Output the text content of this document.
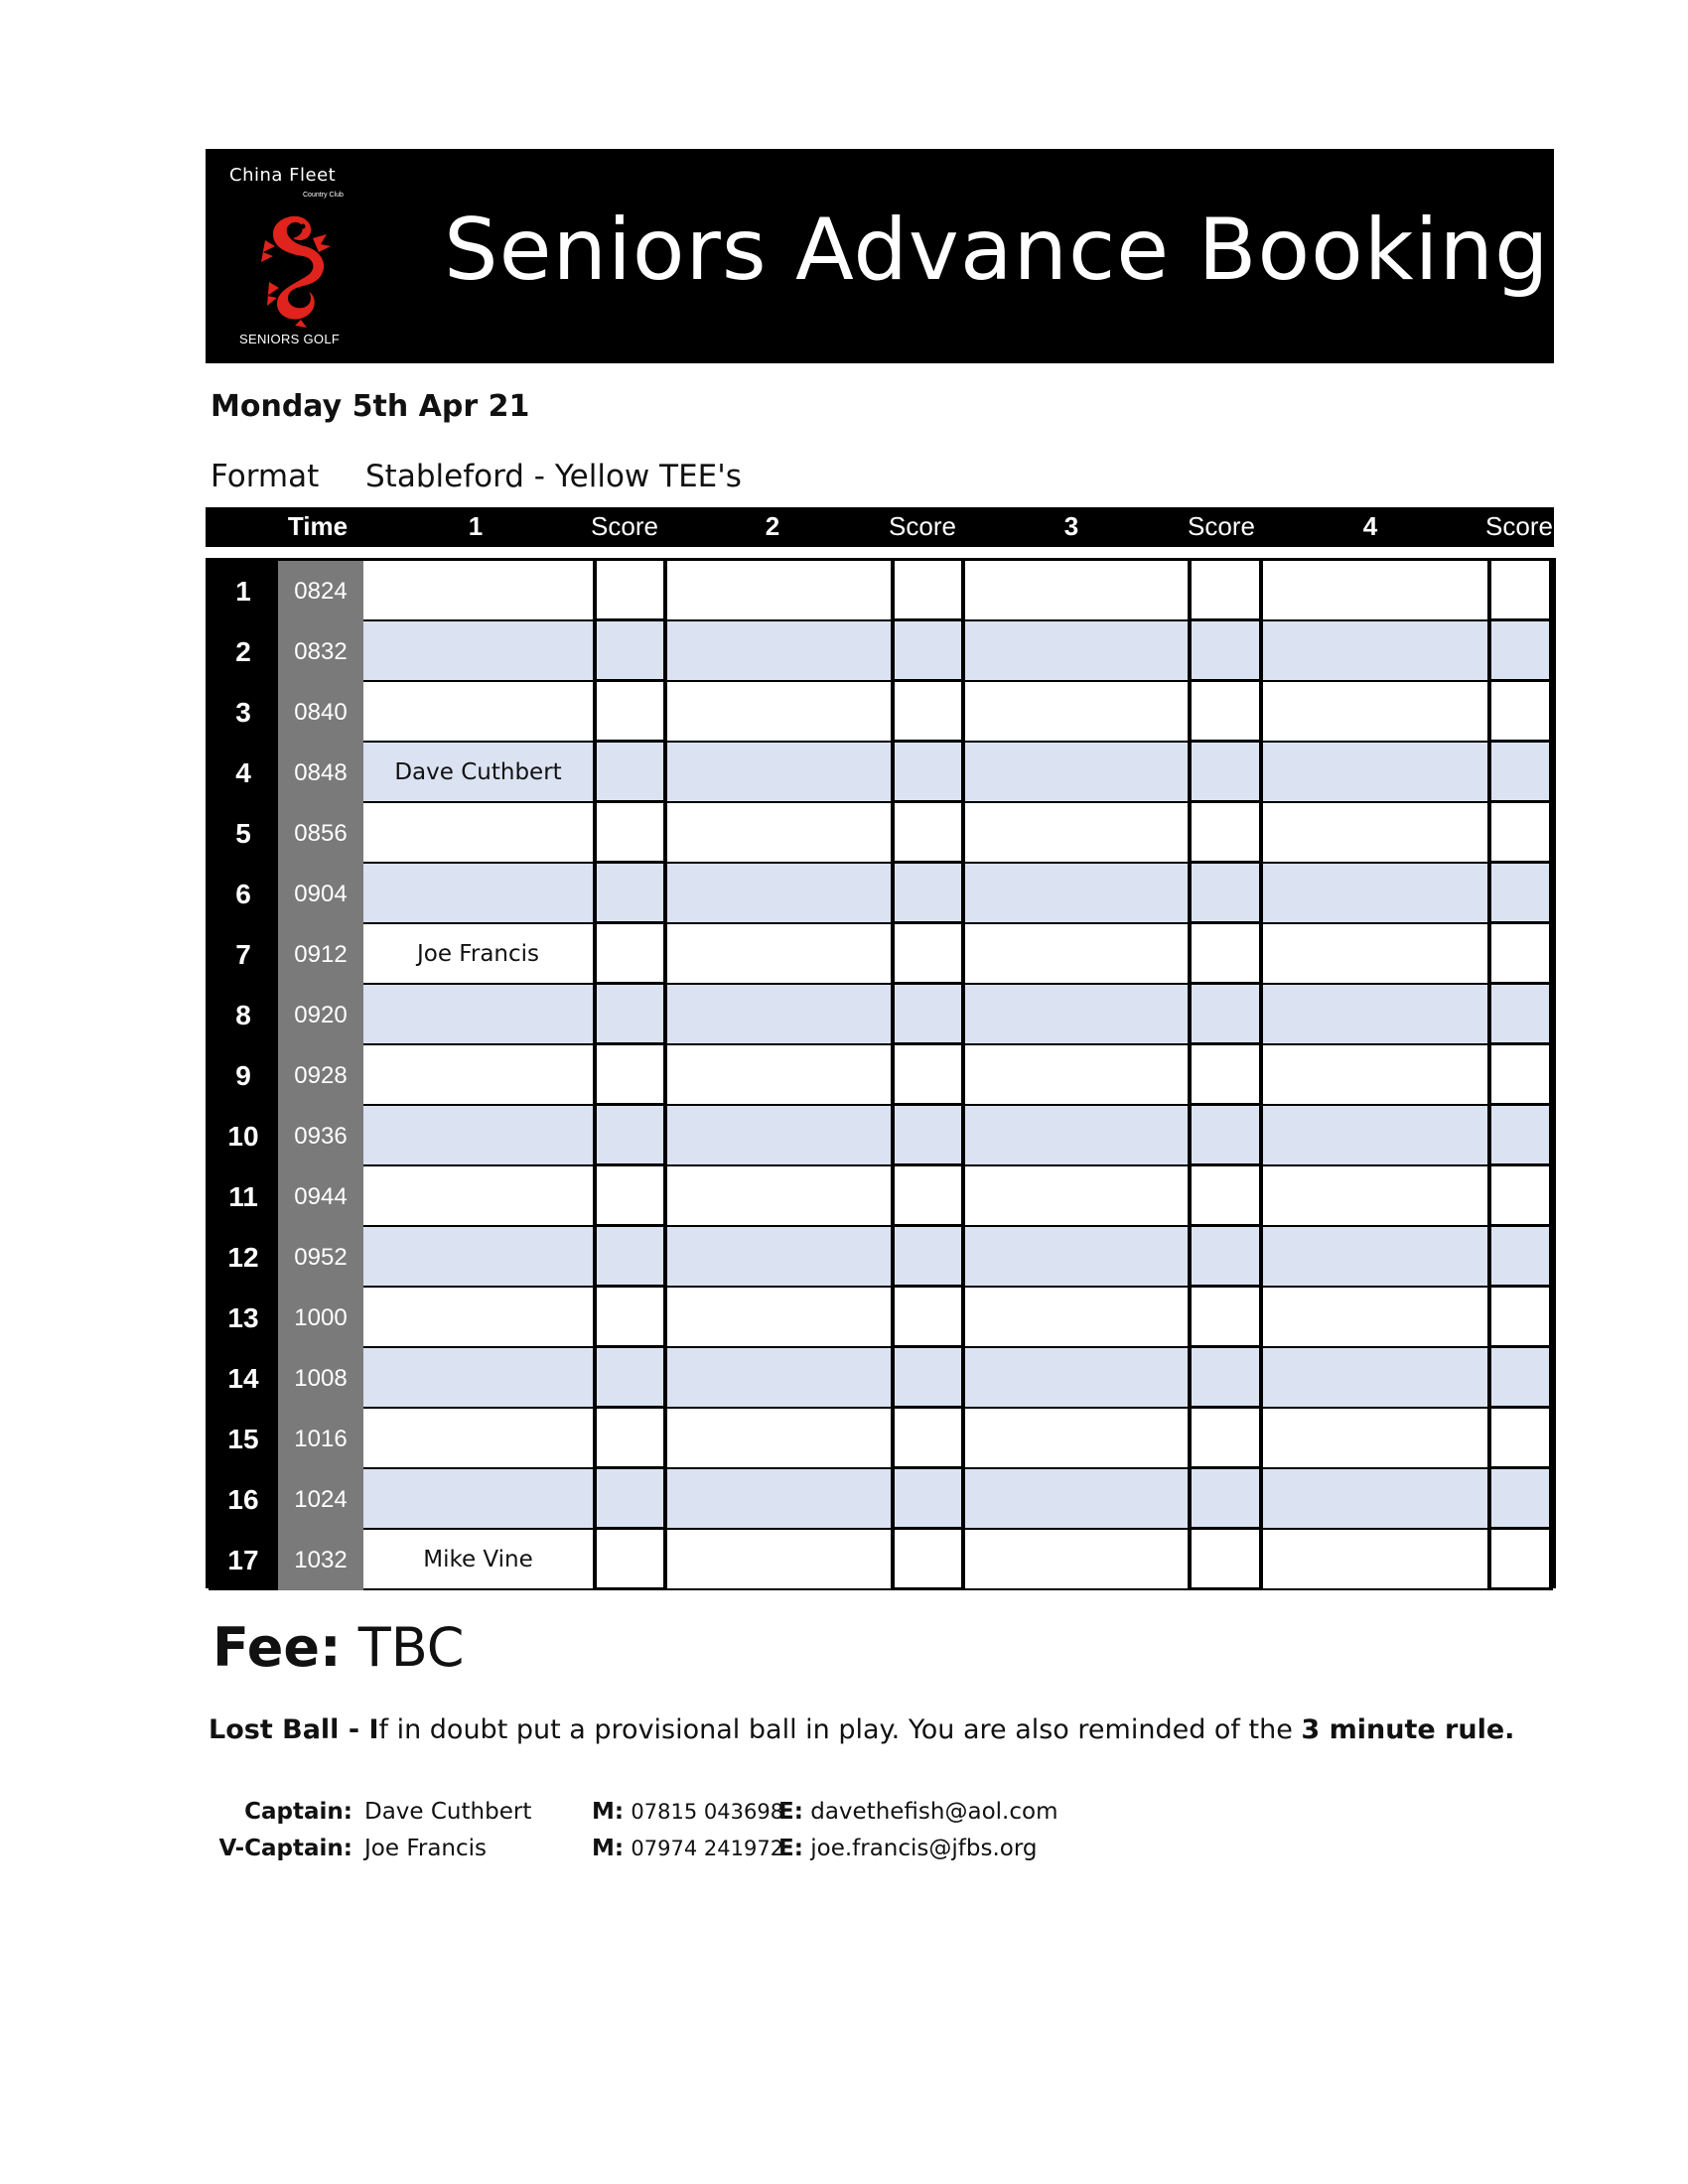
China Fleet
Country Club
SENIORS GOLF
Seniors Advance Booking
Monday 5th Apr 21
Format Stableford - Yellow TEE's
Time	1	Score	2	Score	3	Score	4	Score
1	0824
2	0832
3	0840
4	0848	Dave Cuthbert
5	0856
6	0904
7	0912	Joe Francis
8	0920
9	0928
10	0936
11	0944
12	0952
13	1000
14	1008
15	1016
16	1024
17	1032	Mike Vine
Fee: TBC
Lost Ball - If in doubt put a provisional ball in play. You are also reminded of the 3 minute rule.
Captain: Dave Cuthbert	M: 07815 043698
E: davethefish@aol.com
V-Captain: Joe Francis	M: 07974 241972
E: joe.francis@jfbs.org
